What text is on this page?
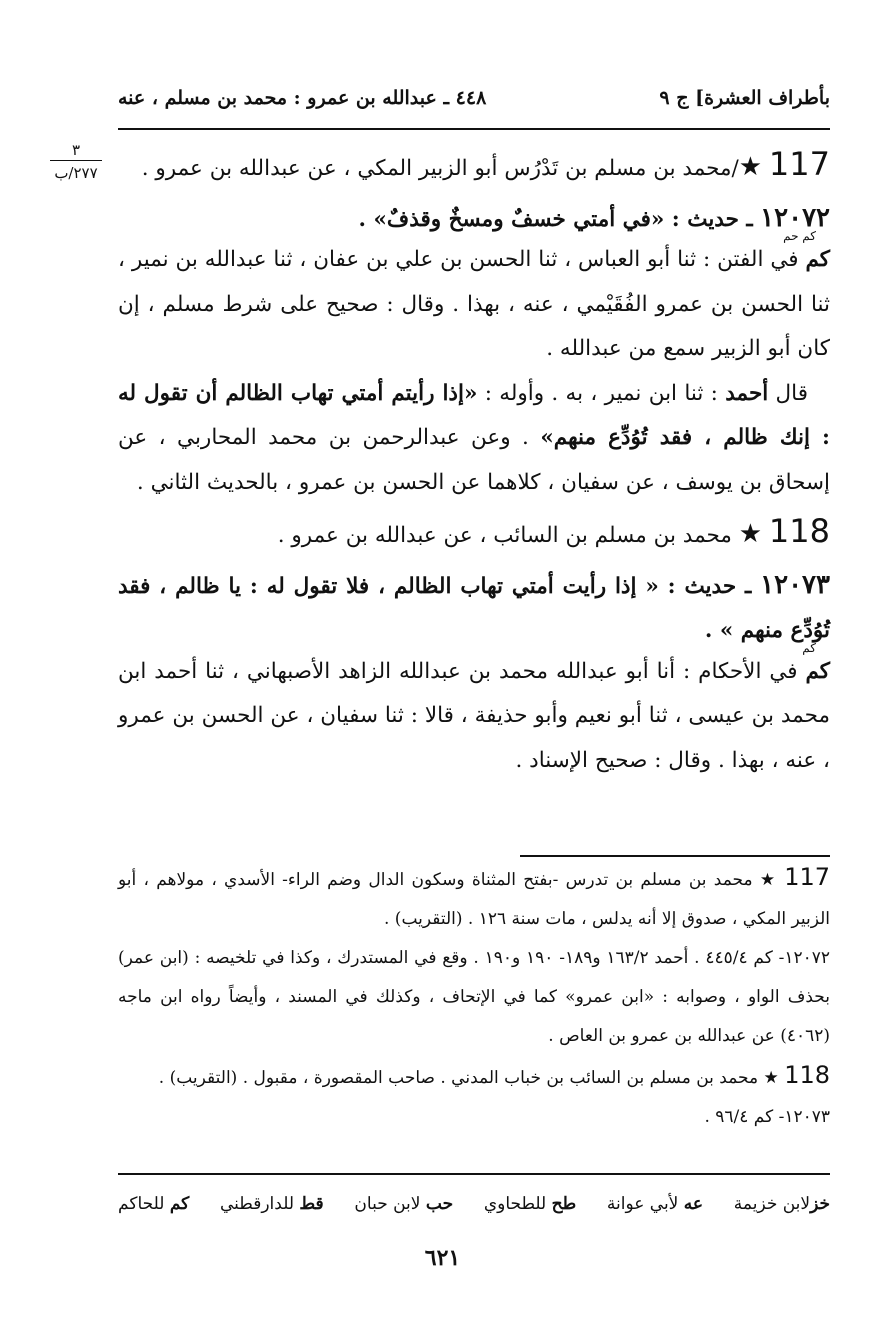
بأطراف العشرة] ج ٩
٤٤٨ ـ عبدالله بن عمرو : محمد بن مسلم ، عنه
٣
٢٧٧/ب	117 ★/محمد بن مسلم بن تَدْرُس أبو الزبير المكي ، عن عبدالله بن عمرو .

١٢٠٧٢ ـ حديث : «في أمتي خسفٌ ومسخٌ وقذفٌ» .

كم حم

كم في الفتن : ثنا أبو العباس ، ثنا الحسن بن علي بن عفان ، ثنا عبدالله بن نمير ، ثنا الحسن بن عمرو الفُقَيْمي ، عنه ، بهذا . وقال : صحيح على شرط مسلم ، إن كان أبو الزبير سمع من عبدالله .

قال أحمد : ثنا ابن نمير ، به . وأوله : «إذا رأيتم أمتي تهاب الظالم أن تقول له : إنك ظالم ، فقد تُوُدِّع منهم» . وعن عبدالرحمن بن محمد المحاربي ، عن إسحاق بن يوسف ، عن سفيان ، كلاهما عن الحسن بن عمرو ، بالحديث الثاني .

118 ★ محمد بن مسلم بن السائب ، عن عبدالله بن عمرو .

١٢٠٧٣ ـ حديث : « إذا رأيت أمتي تهاب الظالم ، فلا تقول له : يا ظالم ، فقد تُوُدِّع منهم » .

كم

كم في الأحكام : أنا أبو عبدالله محمد بن عبدالله الزاهد الأصبهاني ، ثنا أحمد ابن محمد بن عيسى ، ثنا أبو نعيم وأبو حذيفة ، قالا : ثنا سفيان ، عن الحسن بن عمرو ، عنه ، بهذا . وقال : صحيح الإسناد .

117 ★ محمد بن مسلم بن تدرس -بفتح المثناة وسكون الدال وضم الراء- الأسدي ، مولاهم ، أبو الزبير المكي ، صدوق إلا أنه يدلس ، مات سنة ١٢٦ . (التقريب) .

١٢٠٧٢- كم ٤٤٥/٤ . أحمد ١٦٣/٢ و١٨٩- ١٩٠ و١٩٠ . وقع في المستدرك ، وكذا في تلخيصه : (ابن عمر) بحذف الواو ، وصوابه : «ابن عمرو» كما في الإتحاف ، وكذلك في المسند ، وأيضاً رواه ابن ماجه (٤٠٦٢) عن عبدالله بن عمرو بن العاص .

118 ★ محمد بن مسلم بن السائب بن خباب المدني . صاحب المقصورة ، مقبول . (التقريب) .

١٢٠٧٣- كم ٩٦/٤ .

خزلابن خزيمة
عه لأبي عوانة
طح للطحاوي
حب لابن حبان
قط للدارقطني
كم للحاكم
٦٢١
